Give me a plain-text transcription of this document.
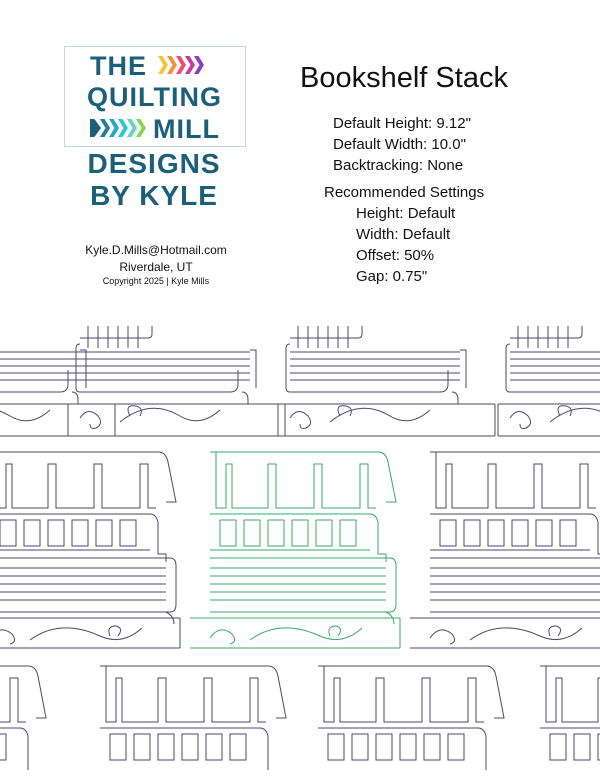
THE
QUILTING
MILL
DESIGNS
BY KYLE
Kyle.D.Mills@Hotmail.com
Riverdale, UT
Copyright 2025 | Kyle Mills
Bookshelf Stack
Default Height: 9.12"
Default Width: 10.0"
Backtracking: None
Recommended Settings
Height: Default
Width: Default
Offset: 50%
Gap: 0.75"
